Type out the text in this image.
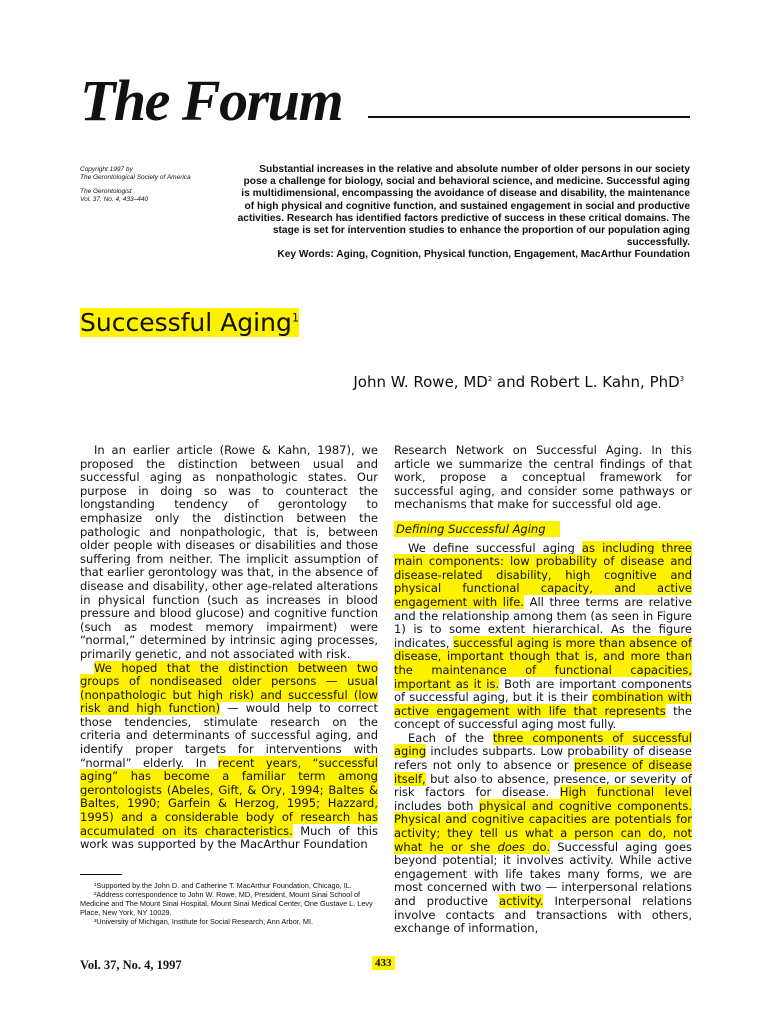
The Forum
Copyright 1997 by
The Gerontological Society of America
The Gerontologist
Vol. 37, No. 4, 433–440

Substantial increases in the relative and absolute number of older persons in our society pose a challenge for biology, social and behavioral science, and medicine. Successful aging is multidimensional, encompassing the avoidance of disease and disability, the maintenance of high physical and cognitive function, and sustained engagement in social and productive activities. Research has identified factors predictive of success in these critical domains. The stage is set for intervention studies to enhance the proportion of our population aging successfully.
Key Words: Aging, Cognition, Physical function, Engagement, MacArthur Foundation

Successful Aging$^1$

John W. Rowe, $MD^2$ and Robert L. Kahn, PhD$^3$

In an earlier article (Rowe & Kahn, 1987), we proposed the distinction between usual and successful aging as nonpathologic states. Our purpose in doing so was to counteract the longstanding tendency of gerontology to emphasize only the distinction between the pathologic and nonpathologic, that is, between older people with diseases or disabilities and those suffering from neither. The implicit assumption of that earlier gerontology was that, in the absence of disease and disability, other age-related alterations in physical function (such as increases in blood pressure and blood glucose) and cognitive function (such as modest memory impairment) were “normal,” determined by intrinsic aging processes, primarily genetic, and not associated with risk.

We hoped that the distinction between two groups of nondiseased older persons — usual (nonpathologic but high risk) and successful (low risk and high function) — would help to correct those tendencies, stimulate research on the criteria and determinants of successful aging, and identify proper targets for interventions with “normal” elderly. In recent years, “successful aging” has become a familiar term among gerontologists (Abeles, Gift, & Ory, 1994; Baltes & Baltes, 1990; Garfein & Herzog, 1995; Hazzard, 1995) and a considerable body of research has accumulated on its characteristics. Much of this work was supported by the MacArthur Foundation

¹Supported by the John D. and Catherine T. MacArthur Foundation, Chicago, IL.

²Address correspondence to John W. Rowe, MD, President, Mount Sinai School of Medicine and The Mount Sinai Hospital, Mount Sinai Medical Center, One Gustave L. Levy Place, New York, NY 10029.

³University of Michigan, Institute for Social Research, Ann Arbor, MI.

Research Network on Successful Aging. In this article we summarize the central findings of that work, propose a conceptual framework for successful aging, and consider some pathways or mechanisms that make for successful old age.

Defining Successful Aging

We define successful aging as including three main components: low probability of disease and disease-related disability, high cognitive and physical functional capacity, and active engagement with life. All three terms are relative and the relationship among them (as seen in Figure 1) is to some extent hierarchical. As the figure indicates, successful aging is more than absence of disease, important though that is, and more than the maintenance of functional capacities, important as it is. Both are important components of successful aging, but it is their combination with active engagement with life that represents the concept of successful aging most fully.

Each of the three components of successful aging includes subparts. Low probability of disease refers not only to absence or presence of disease itself, but also to absence, presence, or severity of risk factors for disease. High functional level includes both physical and cognitive components. Physical and cognitive capacities are potentials for activity; they tell us what a person can do, not what he or she does do. Successful aging goes beyond potential; it involves activity. While active engagement with life takes many forms, we are most concerned with two — interpersonal relations and productive activity. Interpersonal relations involve contacts and transactions with others, exchange of information,

Vol. 37, No. 4, 1997	433
